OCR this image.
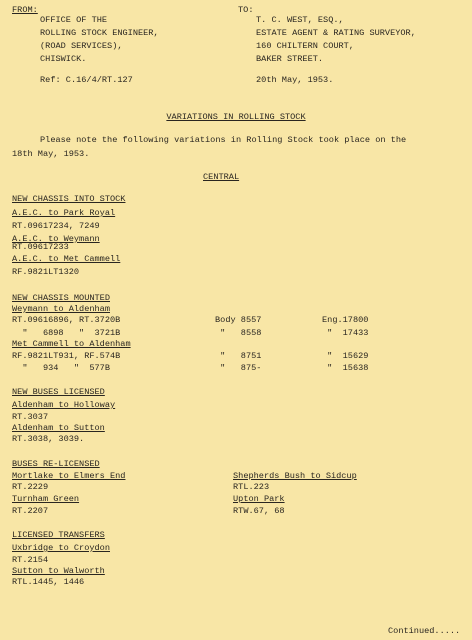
FROM:
OFFICE OF THE
ROLLING STOCK ENGINEER,
(ROAD SERVICES),
CHISWICK.
Ref: C.16/4/RT.127
TO:
T. C. WEST, ESQ.,
ESTATE AGENT & RATING SURVEYOR,
160 CHILTERN COURT,
BAKER STREET.
20th May, 1953.
VARIATIONS IN ROLLING STOCK
Please note the following variations in Rolling Stock took place on the
18th May, 1953.
CENTRAL
NEW CHASSIS INTO STOCK
A.E.C. to Park Royal
RT.09617234, 7249
A.E.C. to Weymann
RT.09617233
A.E.C. to Met Cammell
RF.9821LT1320
NEW CHASSIS MOUNTED
Weymann to Aldenham
RT.09616896, RT.3720B	Body 8557	Eng.17800
"   6898   "  3721B	"   8558	"  17433
Met Cammell to Aldenham
RF.9821LT931, RF.574B	"   8751	"  15629
"   934   "  577B	"   875-	"  15638
NEW BUSES LICENSED
Aldenham to Holloway
RT.3037
Aldenham to Sutton
RT.3038, 3039.
BUSES RE-LICENSED
Mortlake to Elmers End
RT.2229
Turnham Green
RT.2207
Shepherds Bush to Sidcup
RTL.223
Upton Park
RTW.67, 68
LICENSED TRANSFERS
Uxbridge to Croydon
RT.2154
Sutton to Walworth
RTL.1445, 1446
Continued.....
